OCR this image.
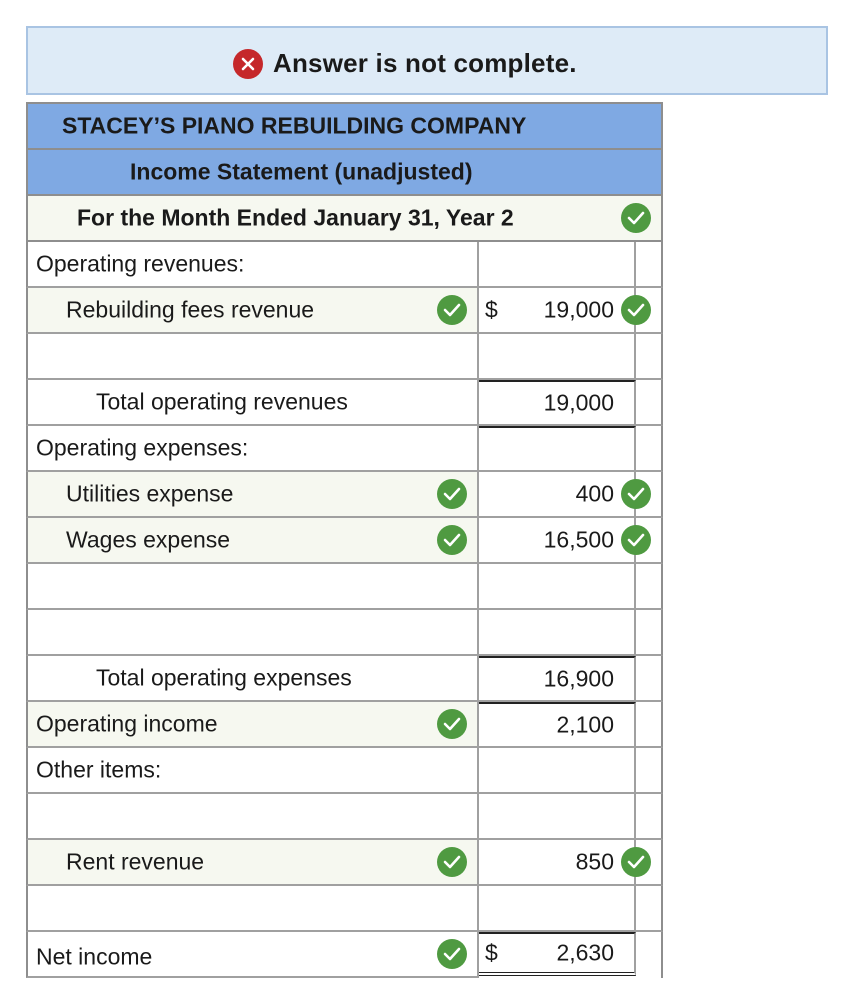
Answer is not complete.
STACEY’S PIANO REBUILDING COMPANY
Income Statement (unadjusted)
For the Month Ended January 31, Year 2
Operating revenues:
Rebuilding fees revenue	$ 19,000
Total operating revenues	19,000
Operating expenses:
Utilities expense	400
Wages expense	16,500
Total operating expenses	16,900
Operating income	2,100
Other items:
Rent revenue	850
Net income	$	2,630
